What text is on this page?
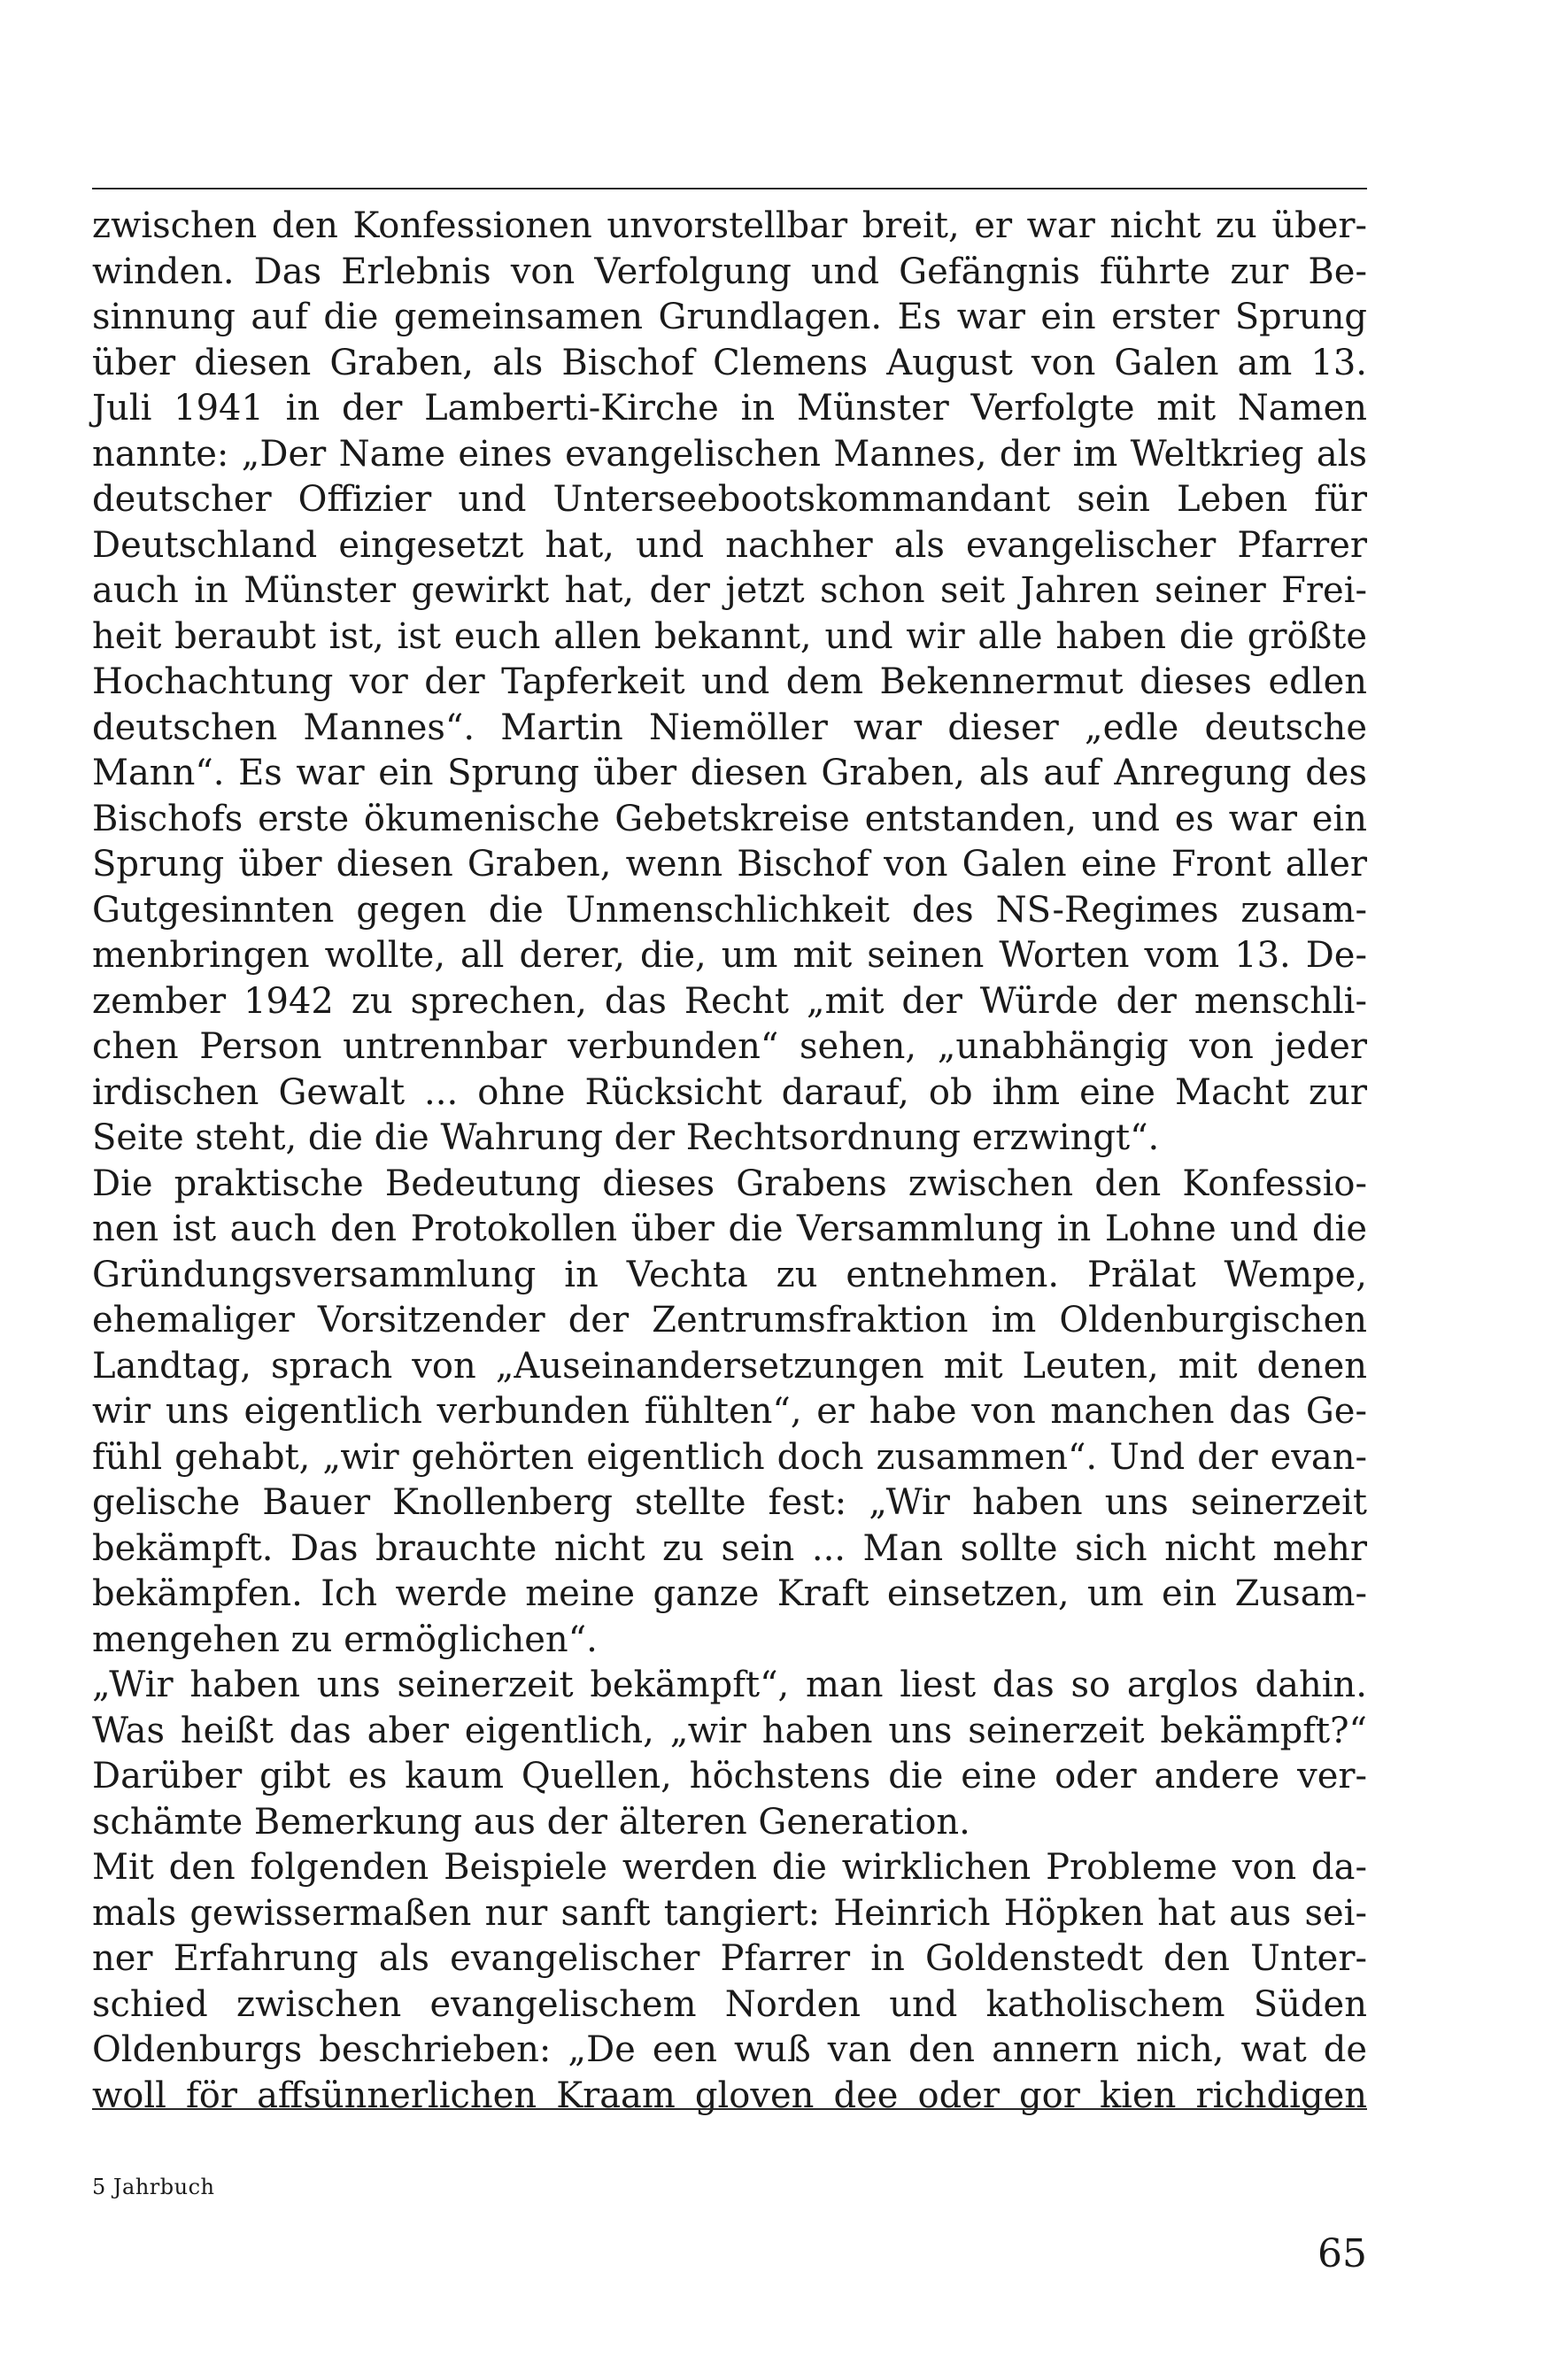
zwischen den Konfessionen unvorstellbar breit, er war nicht zu über-
winden. Das Erlebnis von Verfolgung und Gefängnis führte zur Be-
sinnung auf die gemeinsamen Grundlagen. Es war ein erster Sprung
über diesen Graben, als Bischof Clemens August von Galen am 13.
Juli 1941 in der Lamberti-Kirche in Münster Verfolgte mit Namen
nannte: „Der Name eines evangelischen Mannes, der im Weltkrieg als
deutscher Offizier und Unterseebootskommandant sein Leben für
Deutschland eingesetzt hat, und nachher als evangelischer Pfarrer
auch in Münster gewirkt hat, der jetzt schon seit Jahren seiner Frei-
heit beraubt ist, ist euch allen bekannt, und wir alle haben die größte
Hochachtung vor der Tapferkeit und dem Bekennermut dieses edlen
deutschen Mannes“. Martin Niemöller war dieser „edle deutsche
Mann“. Es war ein Sprung über diesen Graben, als auf Anregung des
Bischofs erste ökumenische Gebetskreise entstanden, und es war ein
Sprung über diesen Graben, wenn Bischof von Galen eine Front aller
Gutgesinnten gegen die Unmenschlichkeit des NS-Regimes zusam-
menbringen wollte, all derer, die, um mit seinen Worten vom 13. De-
zember 1942 zu sprechen, das Recht „mit der Würde der menschli-
chen Person untrennbar verbunden“ sehen, „unabhängig von jeder
irdischen Gewalt ... ohne Rücksicht darauf, ob ihm eine Macht zur
Seite steht, die die Wahrung der Rechtsordnung erzwingt“.
Die praktische Bedeutung dieses Grabens zwischen den Konfessio-
nen ist auch den Protokollen über die Versammlung in Lohne und die
Gründungsversammlung in Vechta zu entnehmen. Prälat Wempe,
ehemaliger Vorsitzender der Zentrumsfraktion im Oldenburgischen
Landtag, sprach von „Auseinandersetzungen mit Leuten, mit denen
wir uns eigentlich verbunden fühlten“, er habe von manchen das Ge-
fühl gehabt, „wir gehörten eigentlich doch zusammen“. Und der evan-
gelische Bauer Knollenberg stellte fest: „Wir haben uns seinerzeit
bekämpft. Das brauchte nicht zu sein ... Man sollte sich nicht mehr
bekämpfen. Ich werde meine ganze Kraft einsetzen, um ein Zusam-
mengehen zu ermöglichen“.
„Wir haben uns seinerzeit bekämpft“, man liest das so arglos dahin.
Was heißt das aber eigentlich, „wir haben uns seinerzeit bekämpft?“
Darüber gibt es kaum Quellen, höchstens die eine oder andere ver-
schämte Bemerkung aus der älteren Generation.
Mit den folgenden Beispiele werden die wirklichen Probleme von da-
mals gewissermaßen nur sanft tangiert: Heinrich Höpken hat aus sei-
ner Erfahrung als evangelischer Pfarrer in Goldenstedt den Unter-
schied zwischen evangelischem Norden und katholischem Süden
Oldenburgs beschrieben: „De een wuß van den annern nich, wat de
woll för affsünnerlichen Kraam gloven dee oder gor kien richdigen
5 Jahrbuch
65
